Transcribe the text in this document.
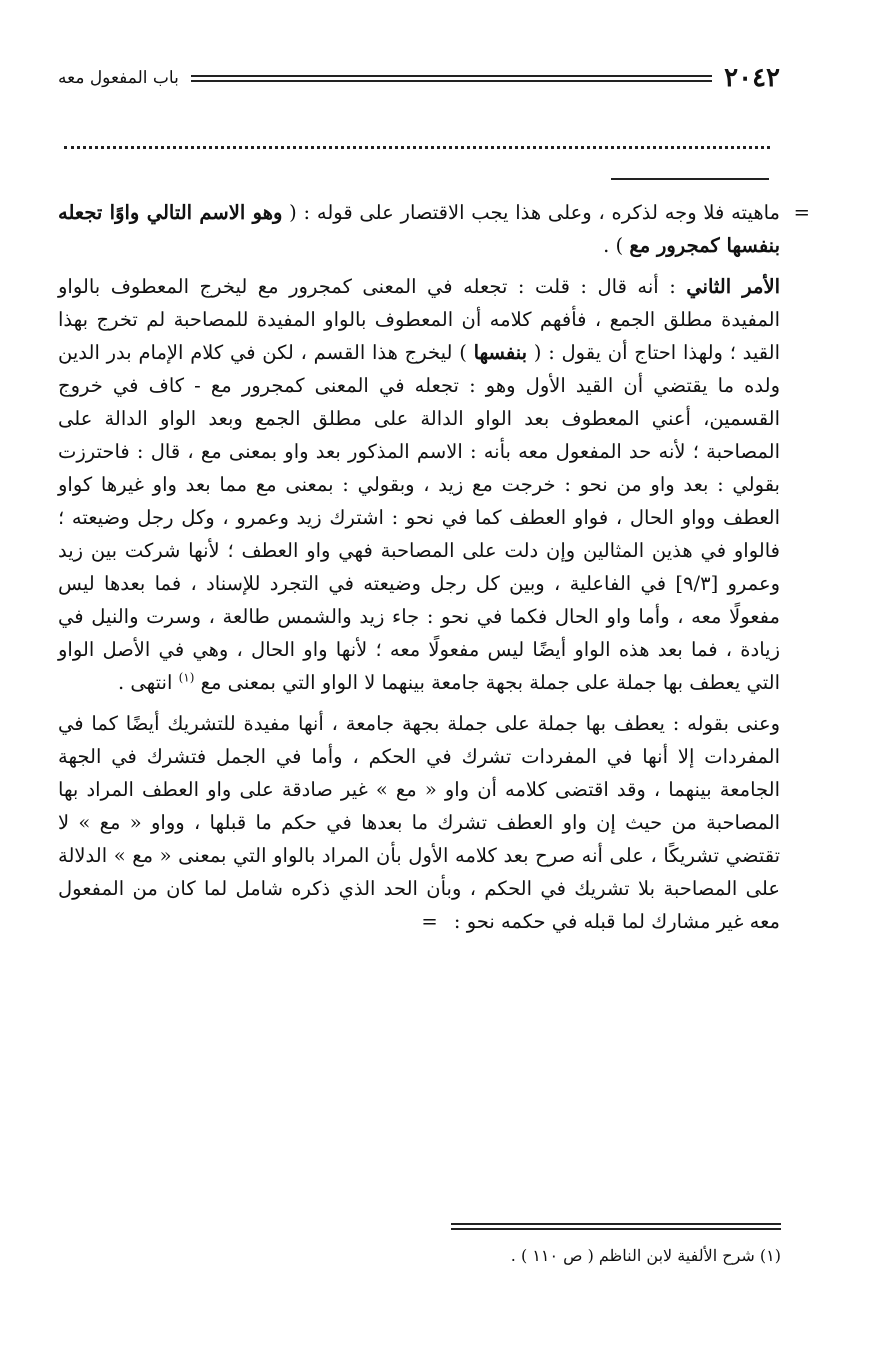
٢٠٤٢
باب المفعول معه

=
ماهيته فلا وجه لذكره ، وعلى هذا يجب الاقتصار على قوله : ( وهو الاسم التالي واوًا تجعله بنفسها كمجرور مع ) .

الأمر الثاني : أنه قال : قلت : تجعله في المعنى كمجرور مع ليخرج المعطوف بالواو المفيدة مطلق الجمع ، فأفهم كلامه أن المعطوف بالواو المفيدة للمصاحبة لم تخرج بهذا القيد ؛ ولهذا احتاج أن يقول : ( بنفسها ) ليخرج هذا القسم ، لكن في كلام الإمام بدر الدين ولده ما يقتضي أن القيد الأول وهو : تجعله في المعنى كمجرور مع - كاف في خروج القسمين، أعني المعطوف بعد الواو الدالة على مطلق الجمع وبعد الواو الدالة على المصاحبة ؛ لأنه حد المفعول معه بأنه : الاسم المذكور بعد واو بمعنى مع ، قال : فاحترزت بقولي : بعد واو من نحو : خرجت مع زيد ، وبقولي : بمعنى مع مما بعد واو غيرها كواو العطف وواو الحال ، فواو العطف كما في نحو : اشترك زيد وعمرو ، وكل رجل وضيعته ؛ فالواو في هذين المثالين وإن دلت على المصاحبة فهي واو العطف ؛ لأنها شركت بين زيد وعمرو [٩/٣] في الفاعلية ، وبين كل رجل وضيعته في التجرد للإسناد ، فما بعدها ليس مفعولًا معه ، وأما واو الحال فكما في نحو : جاء زيد والشمس طالعة ، وسرت والنيل في زيادة ، فما بعد هذه الواو أيضًا ليس مفعولًا معه ؛ لأنها واو الحال ، وهي في الأصل الواو التي يعطف بها جملة على جملة بجهة جامعة بينهما لا الواو التي بمعنى مع $^{(١)}$ انتهى .

وعنى بقوله : يعطف بها جملة على جملة بجهة جامعة ، أنها مفيدة للتشريك أيضًا كما في المفردات إلا أنها في المفردات تشرك في الحكم ، وأما في الجمل فتشرك في الجهة الجامعة بينهما ، وقد اقتضى كلامه أن واو « مع » غير صادقة على واو العطف المراد بها المصاحبة من حيث إن واو العطف تشرك ما بعدها في حكم ما قبلها ، وواو « مع » لا تقتضي تشريكًا ، على أنه صرح بعد كلامه الأول بأن المراد بالواو التي بمعنى « مع » الدلالة على المصاحبة بلا تشريك في الحكم ، وبأن الحد الذي ذكره شامل لما كان من المفعول معه غير مشارك لما قبله في حكمه نحو : =

(١) شرح الألفية لابن الناظم ( ص ١١٠ ) .
